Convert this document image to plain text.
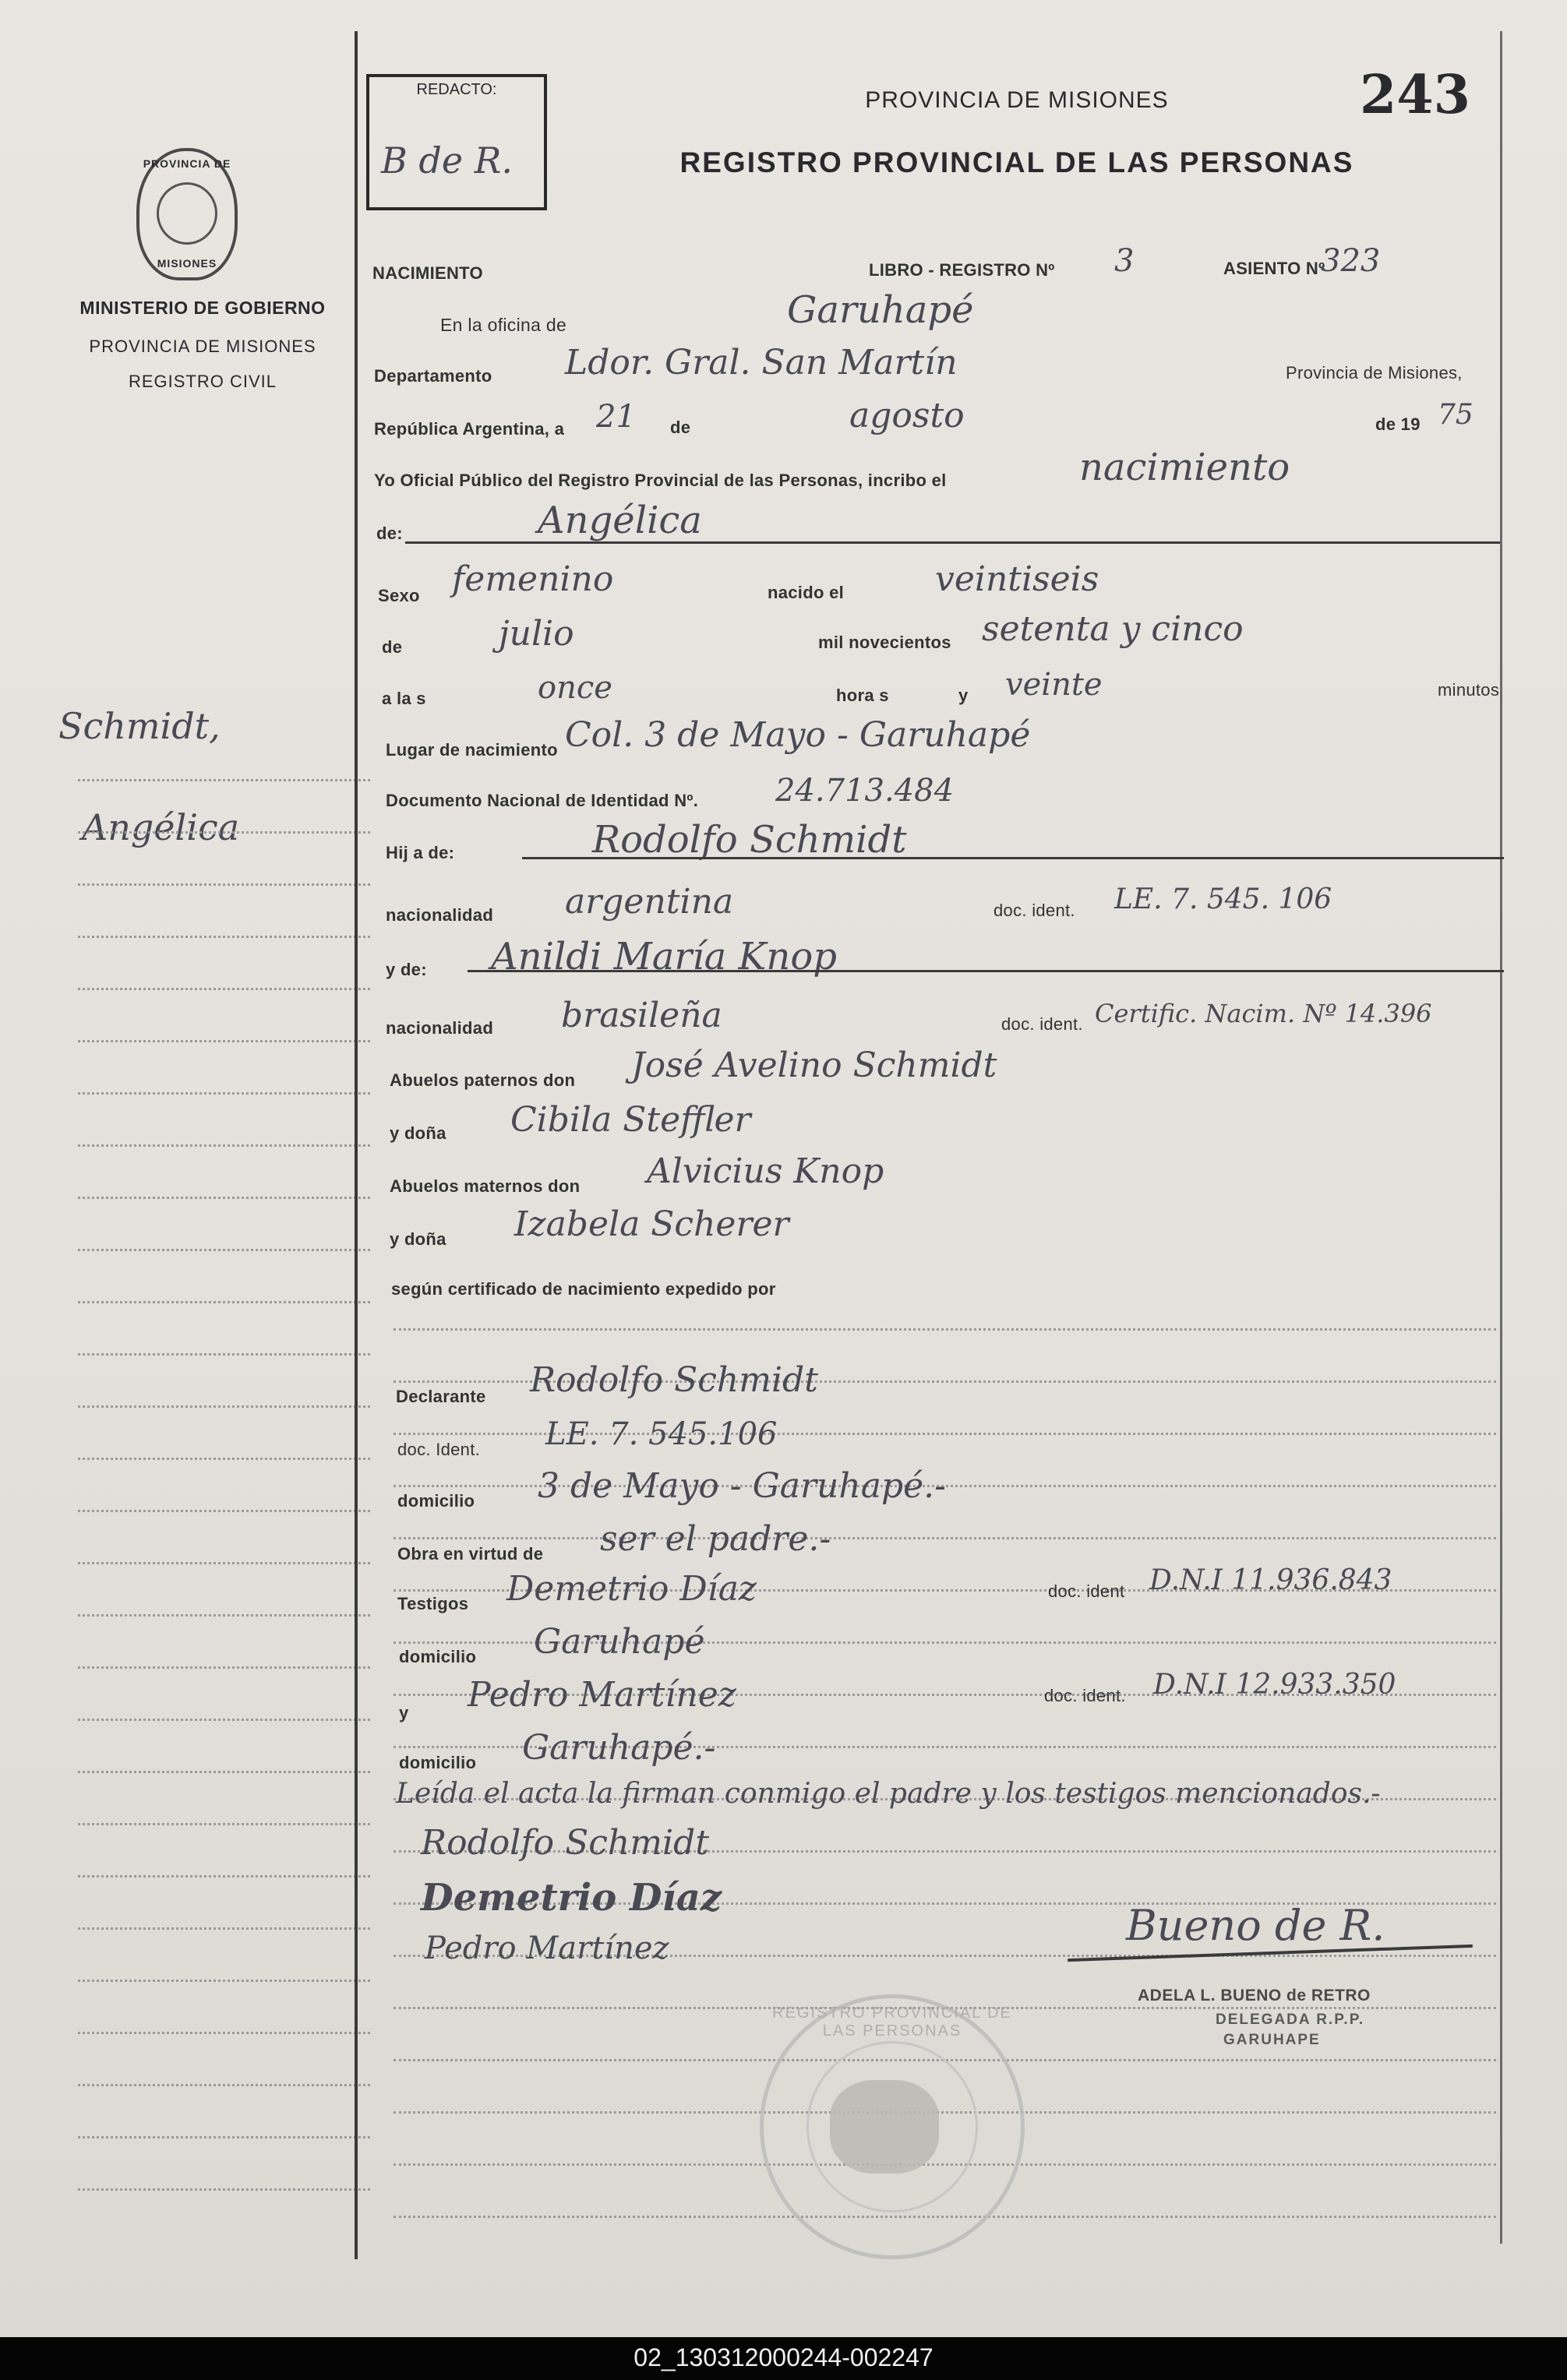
PROVINCIA DE
MISIONES
MINISTERIO DE GOBIERNO
PROVINCIA DE MISIONES
REGISTRO CIVIL
Schmidt,
Angélica
REDACTO:
B de R.
PROVINCIA DE MISIONES
REGISTRO PROVINCIAL DE LAS PERSONAS
243
NACIMIENTO	LIBRO - REGISTRO Nº 3	ASIENTO Nº
323
En la oficina de	Garuhapé
Departamento Ldor. Gral. San Martín	Provincia de Misiones,
República Argentina, a 21 de	agosto	de 19 75
Yo Oficial Público del Registro Provincial de las Personas, incribo el	nacimiento
de:	Angélica
Sexo femenino	nacido el	veintiseis
de	julio	mil novecientos setenta y cinco
a la s	once	hora s	y veinte	minutos
Lugar de nacimiento Col. 3 de Mayo - Garuhapé
Documento Nacional de Identidad Nº. 24.713.484
Hij a de:	Rodolfo Schmidt
nacionalidad argentina	doc. ident. LE. 7. 545. 106
y de: Anildi María Knop
nacionalidad brasileña	doc. ident. Certific. Nacim. Nº 14.396
Abuelos paternos don José Avelino Schmidt
y doña Cibila Steffler
Abuelos maternos don Alvicius Knop
y doña Izabela Scherer
según certificado de nacimiento expedido por
Declarante Rodolfo Schmidt
doc. Ident. LE. 7. 545.106
domicilio 3 de Mayo - Garuhapé.-
Obra en virtud de ser el padre.-
Testigos Demetrio Díaz	doc. ident D.N.I 11.936.843
domicilio Garuhapé
y Pedro Martínez	doc. ident. D.N.I 12.933.350
domicilio Garuhapé.-
Leída el acta la firman conmigo el padre y los testigos mencionados.-
Rodolfo Schmidt
Demetrio Díaz
Pedro Martínez	Bueno de R.
ADELA L. BUENO de RETRO
DELEGADA R.P.P.
GARUHAPE
REGISTRO PROVINCIAL DE LAS PERSONAS
02_130312000244-002247
